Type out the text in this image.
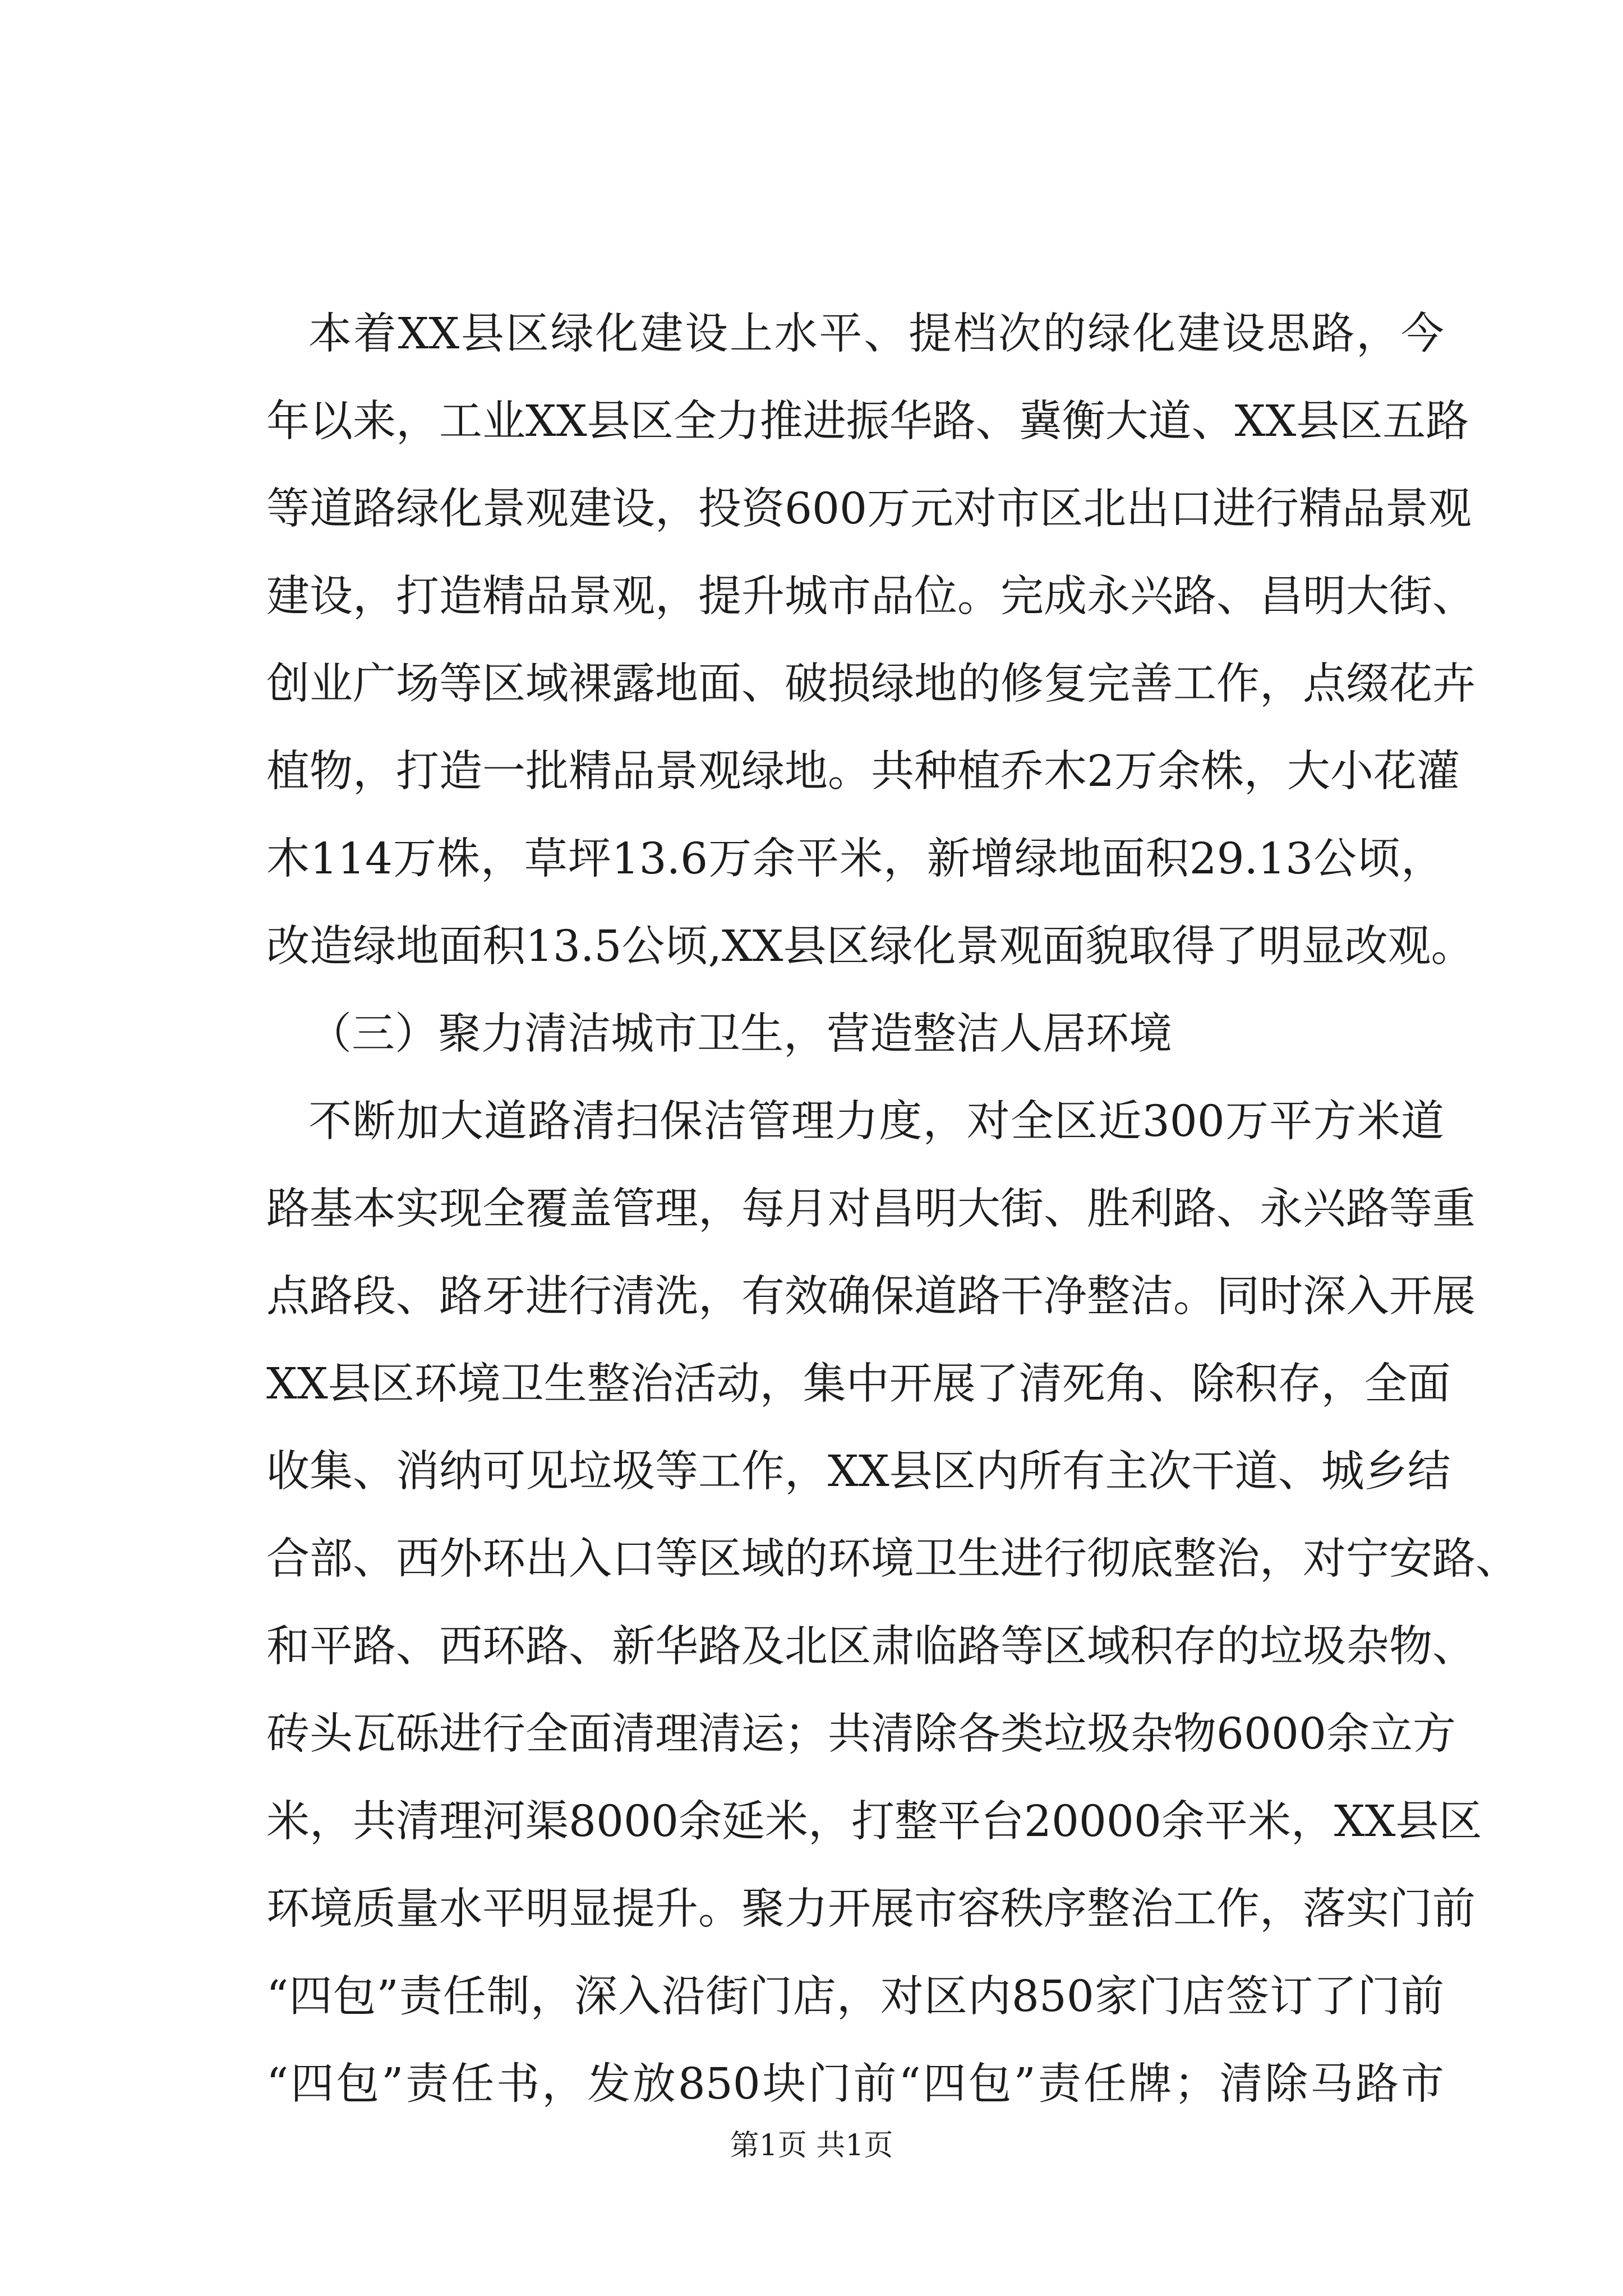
本着XX县区绿化建设上水平、提档次的绿化建设思路，今

年以来，工业XX县区全力推进振华路、冀衡大道、XX县区五路

等道路绿化景观建设，投资600万元对市区北出口进行精品景观

建设，打造精品景观，提升城市品位。完成永兴路、昌明大街、

创业广场等区域裸露地面、破损绿地的修复完善工作，点缀花卉

植物，打造一批精品景观绿地。共种植乔木2万余株，大小花灌

木114万株，草坪13.6万余平米，新增绿地面积29.13公顷，

改造绿地面积13.5公顷,XX县区绿化景观面貌取得了明显改观。

（三）聚力清洁城市卫生，营造整洁人居环境

不断加大道路清扫保洁管理力度，对全区近300万平方米道

路基本实现全覆盖管理，每月对昌明大街、胜利路、永兴路等重

点路段、路牙进行清洗，有效确保道路干净整洁。同时深入开展

XX县区环境卫生整治活动，集中开展了清死角、除积存，全面

收集、消纳可见垃圾等工作，XX县区内所有主次干道、城乡结

合部、西外环出入口等区域的环境卫生进行彻底整治，对宁安路、

和平路、西环路、新华路及北区肃临路等区域积存的垃圾杂物、

砖头瓦砾进行全面清理清运；共清除各类垃圾杂物6000余立方

米，共清理河渠8000余延米，打整平台20000余平米，XX县区

环境质量水平明显提升。聚力开展市容秩序整治工作，落实门前

“四包”责任制，深入沿街门店，对区内850家门店签订了门前

“四包”责任书，发放850块门前“四包”责任牌；清除马路市

第1页 共1页
